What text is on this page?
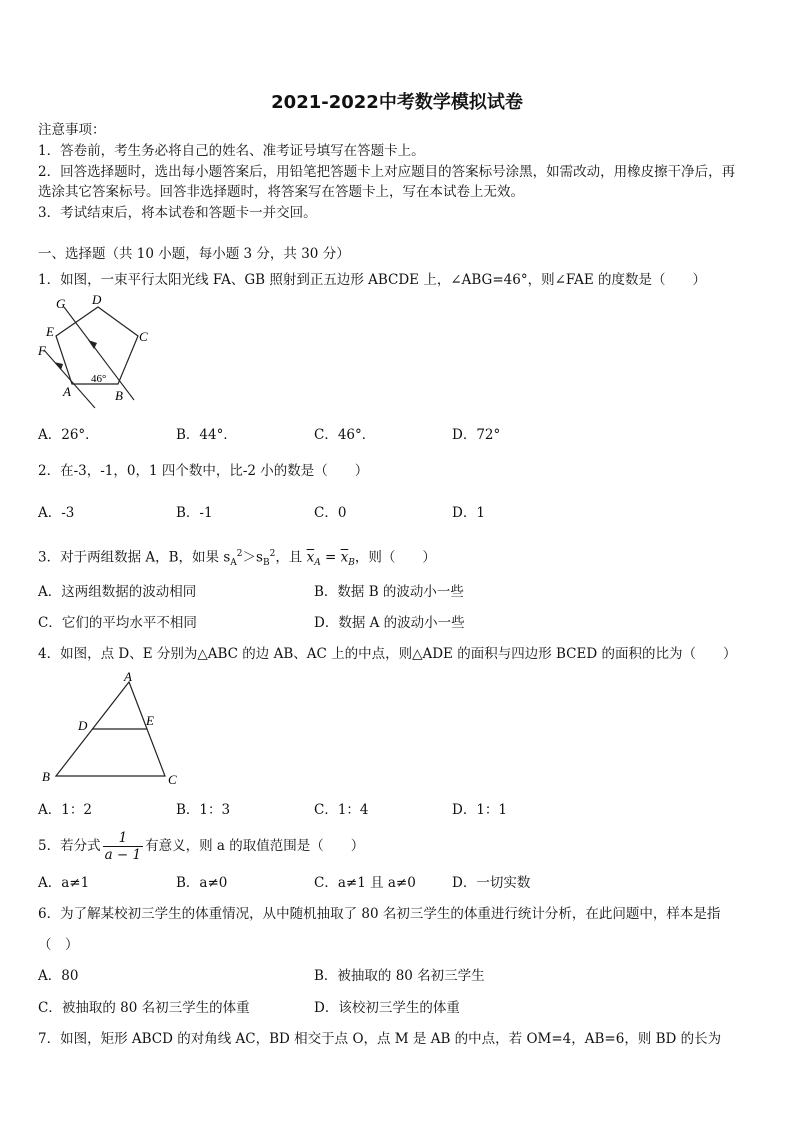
2021-2022中考数学模拟试卷
注意事项：
1．答卷前，考生务必将自己的姓名、准考证号填写在答题卡上。
2．回答选择题时，选出每小题答案后，用铅笔把答题卡上对应题目的答案标号涂黑，如需改动，用橡皮擦干净后，再
选涂其它答案标号。回答非选择题时，将答案写在答题卡上，写在本试卷上无效。
3．考试结束后，将本试卷和答题卡一并交回。
一、选择题（共 10 小题，每小题 3 分，共 30 分）
1．如图，一束平行太阳光线 FA、GB 照射到正五边形 ABCDE 上，∠ABG=46°，则∠FAE 的度数是（　　）
G D
E	C
F
A	B
46°
A．26°．	B．44°．	C．46°．	D．72°
2．在-3，-1，0，1 四个数中，比-2 小的数是（　　）
A．-3	B．-1	C．0	D．1
3．对于两组数据 A，B，如果 $s_A^2>s_B^2$，且 $\overline{x}_A = \overline{x}_B$，则（　　）
A．这两组数据的波动相同	B．数据 B 的波动小一些
C．它们的平均水平不相同	D．数据 A 的波动小一些
4．如图，点 D、E 分别为△ABC 的边 AB、AC 上的中点，则△ADE 的面积与四边形 BCED 的面积的比为（　　）
A
D	E
B	C
A．1：2	B．1：3	C．1：4	D．1：1
5．若分式 $\frac{1}{a - 1}$ 有意义，则 a 的取值范围是（　　）
A．a≠1	B．a≠0	C．a≠1 且 a≠0	D．一切实数
6．为了解某校初三学生的体重情况，从中随机抽取了 80 名初三学生的体重进行统计分析，在此问题中，样本是指
（　）
A．80	B．被抽取的 80 名初三学生
C．被抽取的 80 名初三学生的体重	D．该校初三学生的体重
7．如图，矩形 ABCD 的对角线 AC，BD 相交于点 O，点 M 是 AB 的中点，若 OM=4，AB=6，则 BD 的长为
